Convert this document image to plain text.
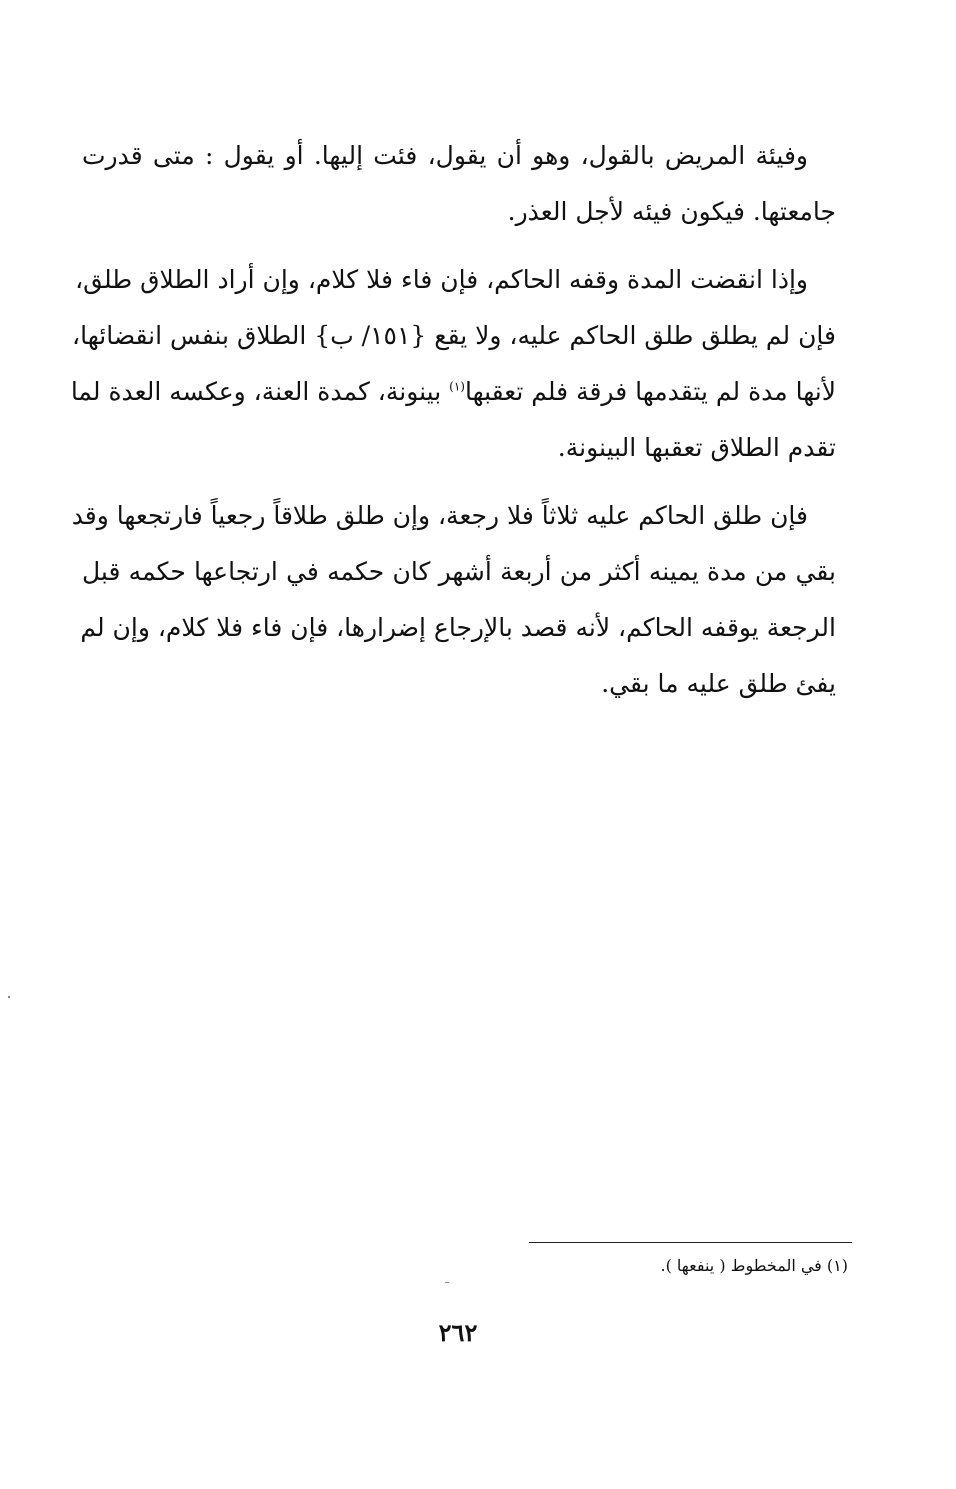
وفيئة المريض بالقول، وهو أن يقول، فئت إليها. أو يقول : متى قدرت
جامعتها. فيكون فيئه لأجل العذر.
وإذا انقضت المدة وقفه الحاكم، فإن فاء فلا كلام، وإن أراد الطلاق طلق،
فإن لم يطلق طلق الحاكم عليه، ولا يقع {١٥١/ ب} الطلاق بنفس انقضائها،
لأنها مدة لم يتقدمها فرقة فلم تعقبها$^{(١)}$ بينونة، كمدة العنة، وعكسه العدة لما
تقدم الطلاق تعقبها البينونة.
فإن طلق الحاكم عليه ثلاثاً فلا رجعة، وإن طلق طلاقاً رجعياً فارتجعها وقد
بقي من مدة يمينه أكثر من أربعة أشهر كان حكمه في ارتجاعها حكمه قبل
الرجعة يوقفه الحاكم، لأنه قصد بالإرجاع إضرارها، فإن فاء فلا كلام، وإن لم
يفئ طلق عليه ما بقي.
(١) في المخطوط ( ينفعها ).
٢٦٢
